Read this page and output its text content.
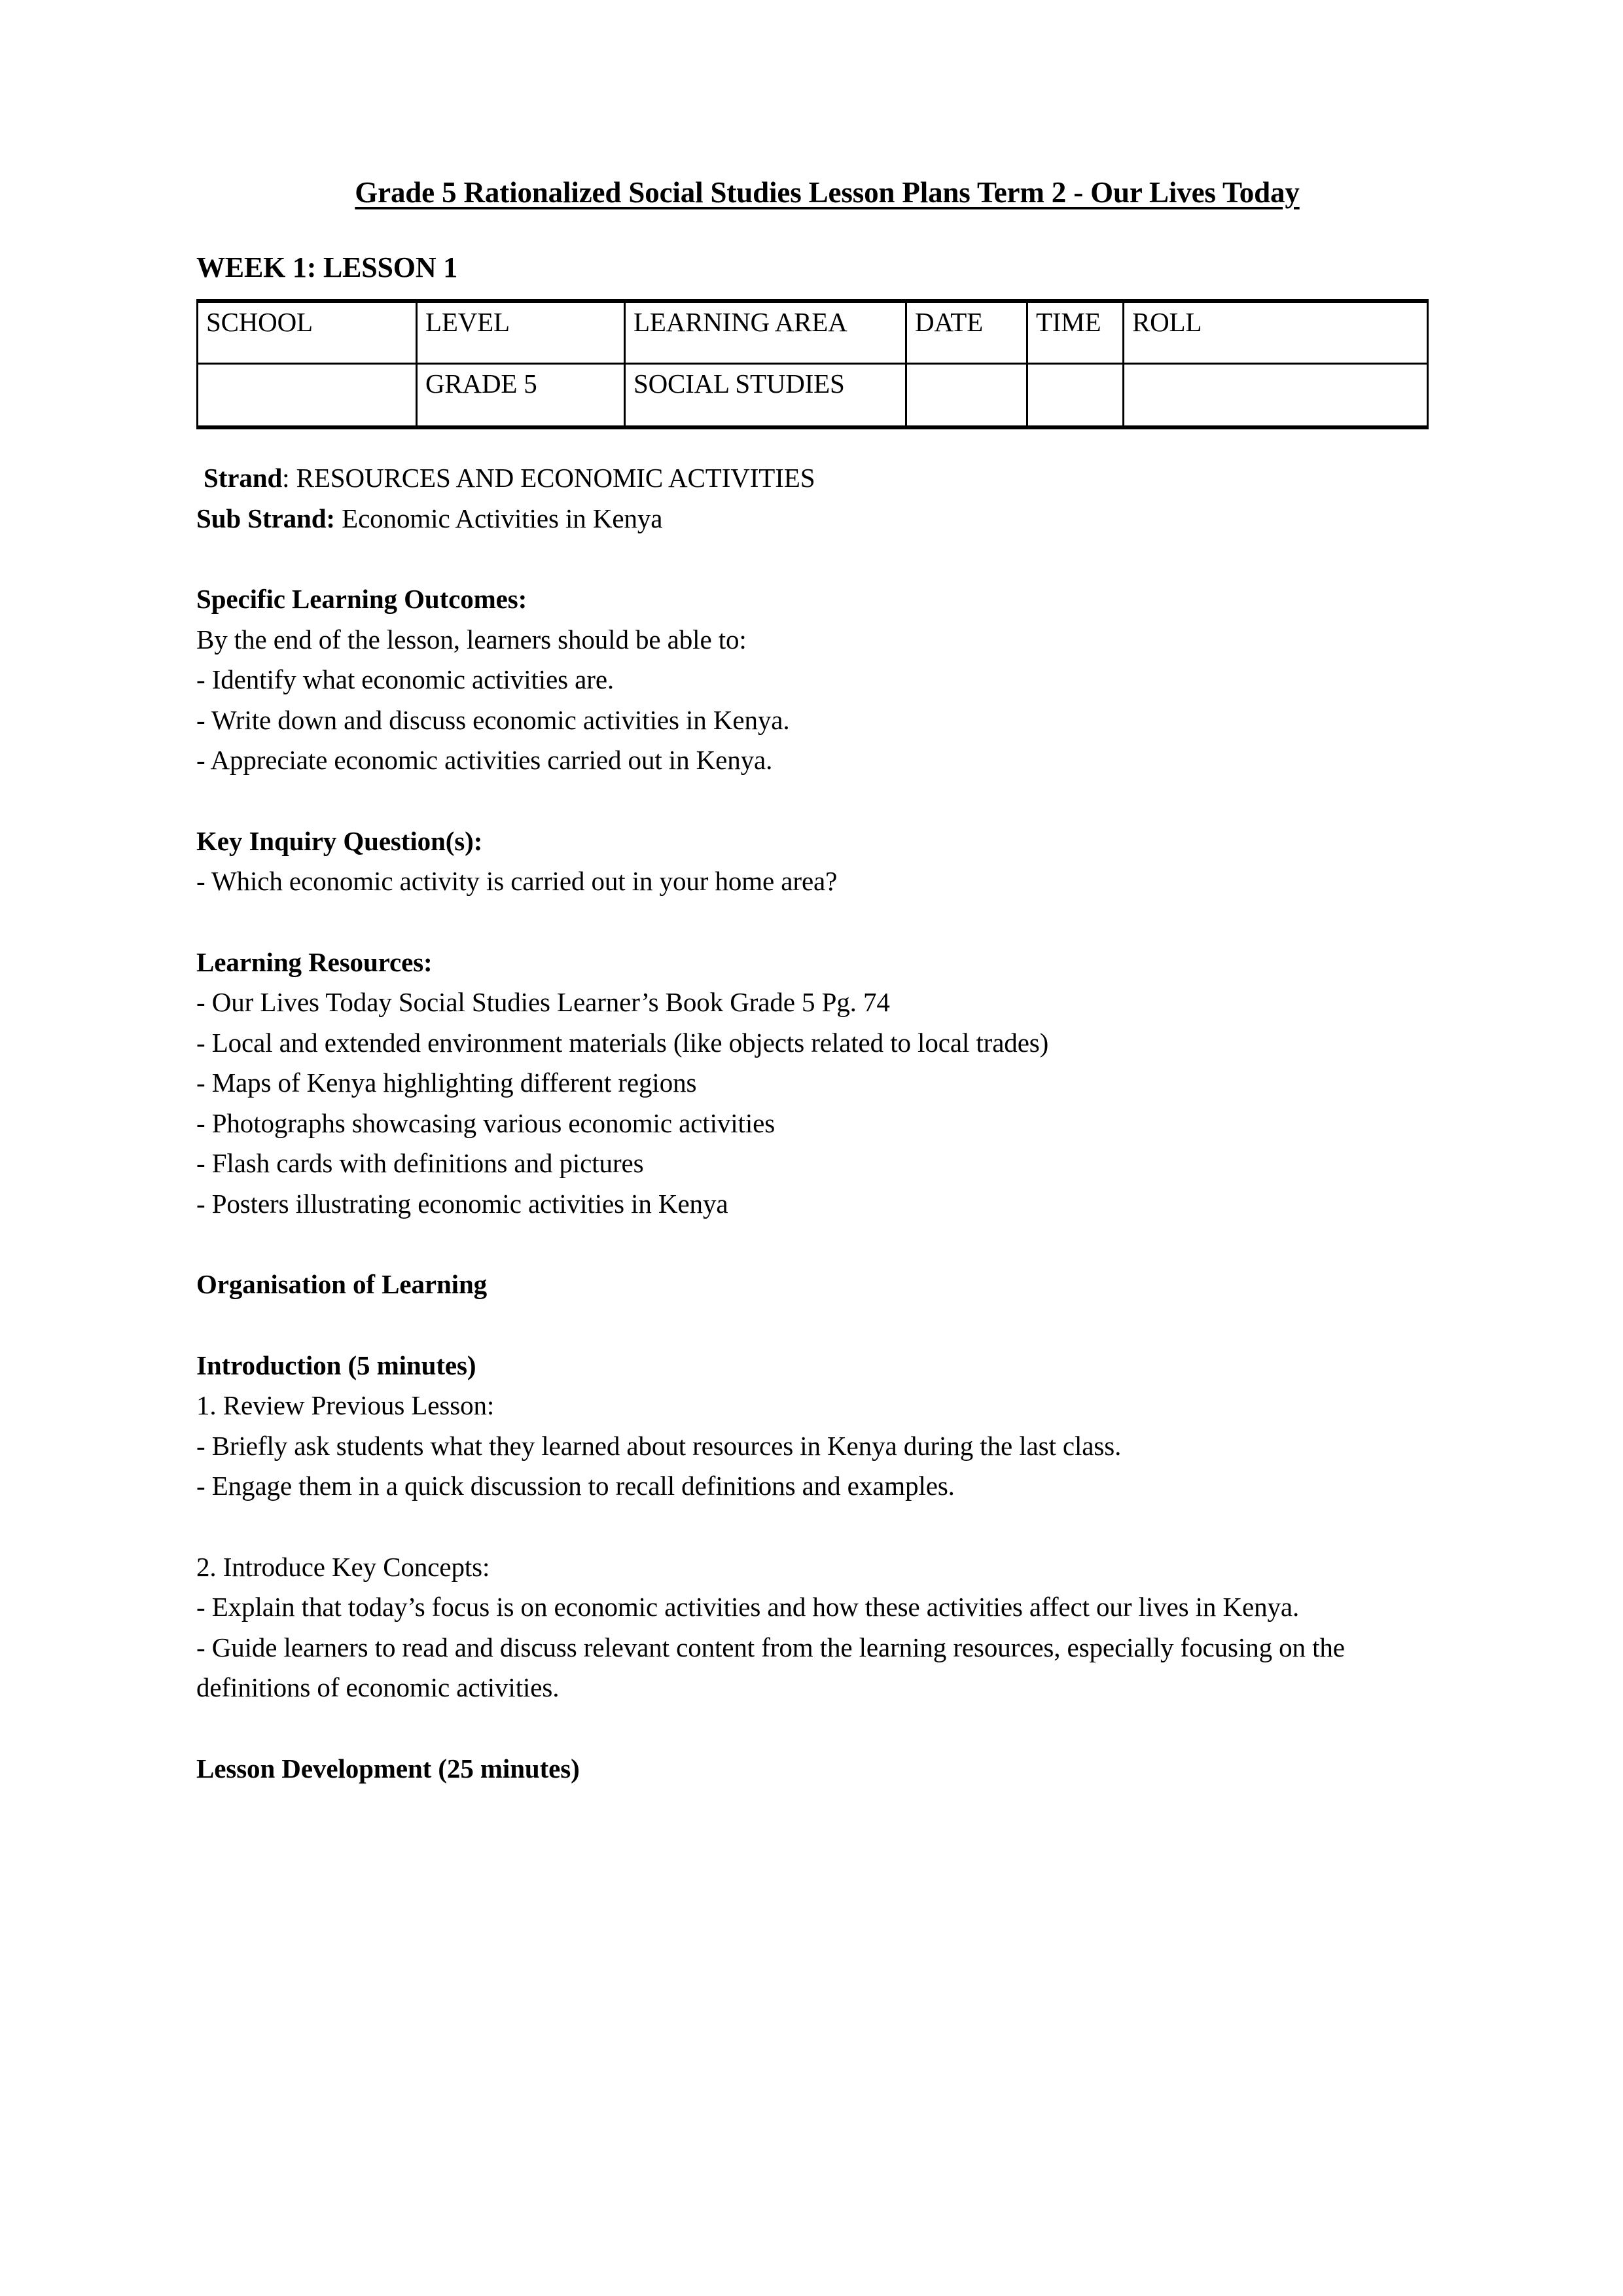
Grade 5 Rationalized Social Studies Lesson Plans Term 2 - Our Lives Today
WEEK 1: LESSON 1
SCHOOL	LEVEL	LEARNING AREA	DATE	TIME	ROLL

	GRADE 5	SOCIAL STUDIES			

Strand: RESOURCES AND ECONOMIC ACTIVITIES
Sub Strand: Economic Activities in Kenya
Specific Learning Outcomes:
By the end of the lesson, learners should be able to:
- Identify what economic activities are.
- Write down and discuss economic activities in Kenya.
- Appreciate economic activities carried out in Kenya.
Key Inquiry Question(s):
- Which economic activity is carried out in your home area?
Learning Resources:
- Our Lives Today Social Studies Learner’s Book Grade 5 Pg. 74
- Local and extended environment materials (like objects related to local trades)
- Maps of Kenya highlighting different regions
- Photographs showcasing various economic activities
- Flash cards with definitions and pictures
- Posters illustrating economic activities in Kenya
Organisation of Learning
Introduction (5 minutes)
1. Review Previous Lesson:
- Briefly ask students what they learned about resources in Kenya during the last class.
- Engage them in a quick discussion to recall definitions and examples.
2. Introduce Key Concepts:
- Explain that today’s focus is on economic activities and how these activities affect our lives in Kenya.
- Guide learners to read and discuss relevant content from the learning resources, especially focusing on the definitions of economic activities.
Lesson Development (25 minutes)
